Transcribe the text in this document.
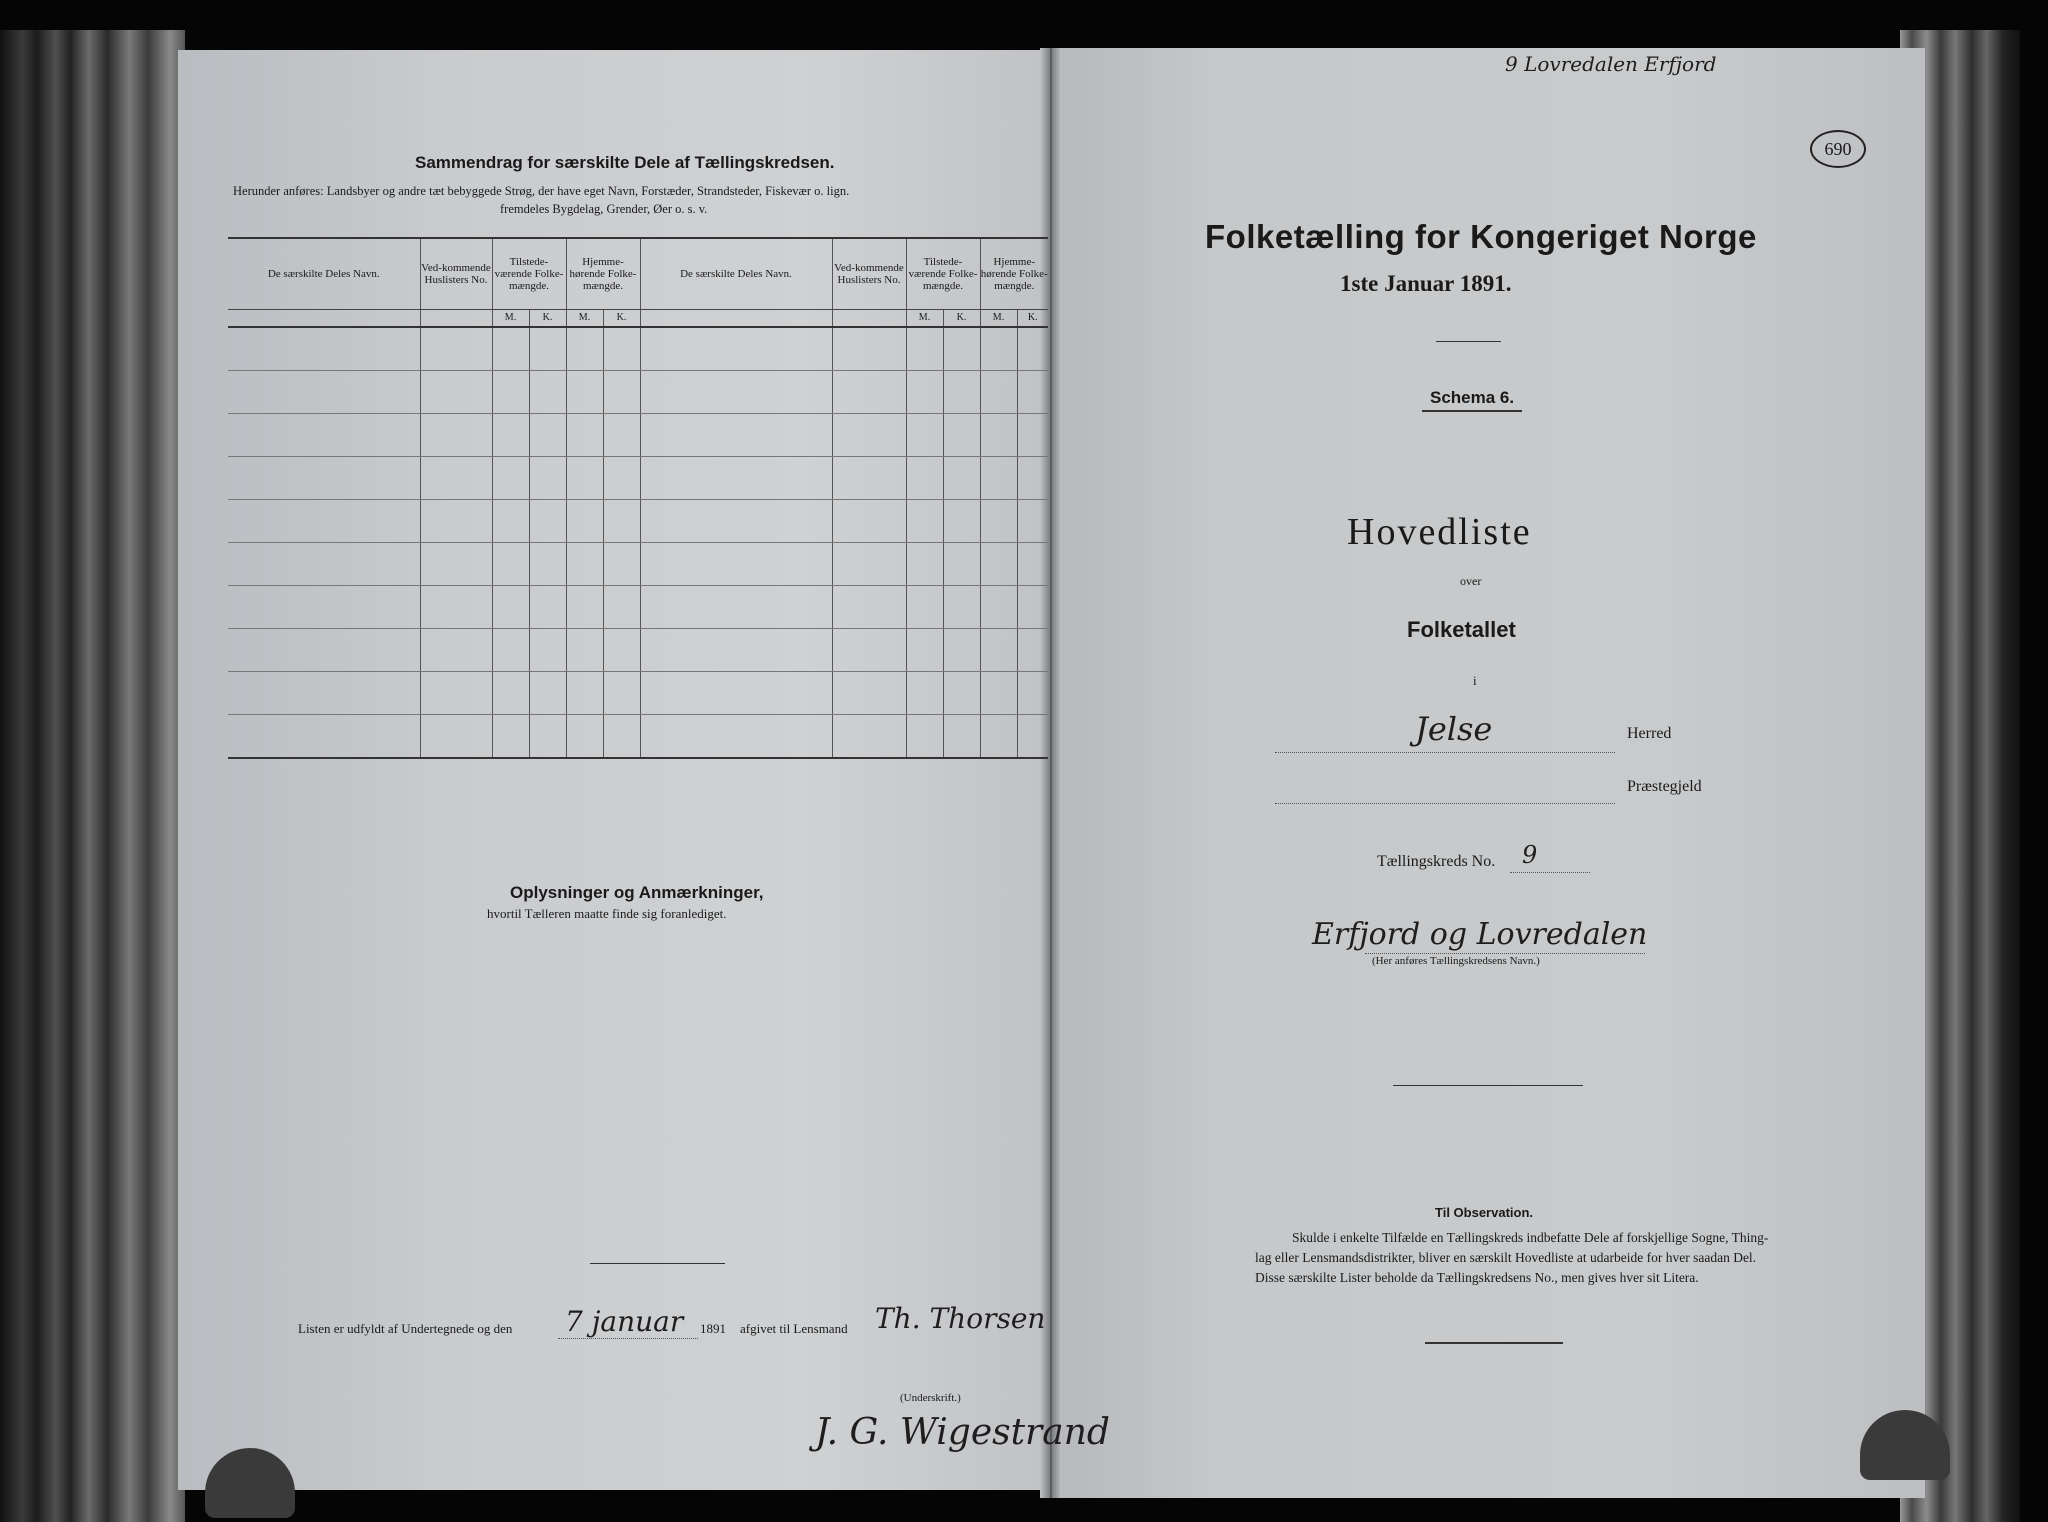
Sammendrag for særskilte Dele af Tællingskredsen.
Herunder anføres: Landsbyer og andre tæt bebyggede Strøg, der have eget Navn, Forstæder, Strandsteder, Fiskevær o. lign.
fremdeles Bygdelag, Grender, Øer o. s. v.
De særskilte Deles Navn.	Ved-kommende Huslisters No.	Tilstede-værende Folke-mængde.		Hjemme-hørende Folke-mængde.		De særskilte Deles Navn.	Ved-kommende Huslisters No.	Tilstede-værende Folke-mængde.		Hjemme-hørende Folke-mængde.	
		M.	K.	M.	K.			M.	K.	M.	K.

Oplysninger og Anmærkninger,
hvortil Tælleren maatte finde sig foranlediget.
Listen er udfyldt af Undertegnede og den 7 januar 1891 afgivet til Lensmand Th. Thorsen
(Underskrift.)
J. G. Wigestrand
9 Lovredalen Erfjord
690
Folketælling for Kongeriget Norge
1ste Januar 1891.
Schema 6.
Hovedliste
over
Folketallet
i
Jelse	Herred
Præstegjeld
Tællingskreds No. 9
Erfjord og Lovredalen
(Her anføres Tællingskredsens Navn.)
Til Observation.
Skulde i enkelte Tilfælde en Tællingskreds indbefatte Dele af forskjellige Sogne, Thing-
lag eller Lensmandsdistrikter, bliver en særskilt Hovedliste at udarbeide for hver saadan Del.
Disse særskilte Lister beholde da Tællingskredsens No., men gives hver sit Litera.
